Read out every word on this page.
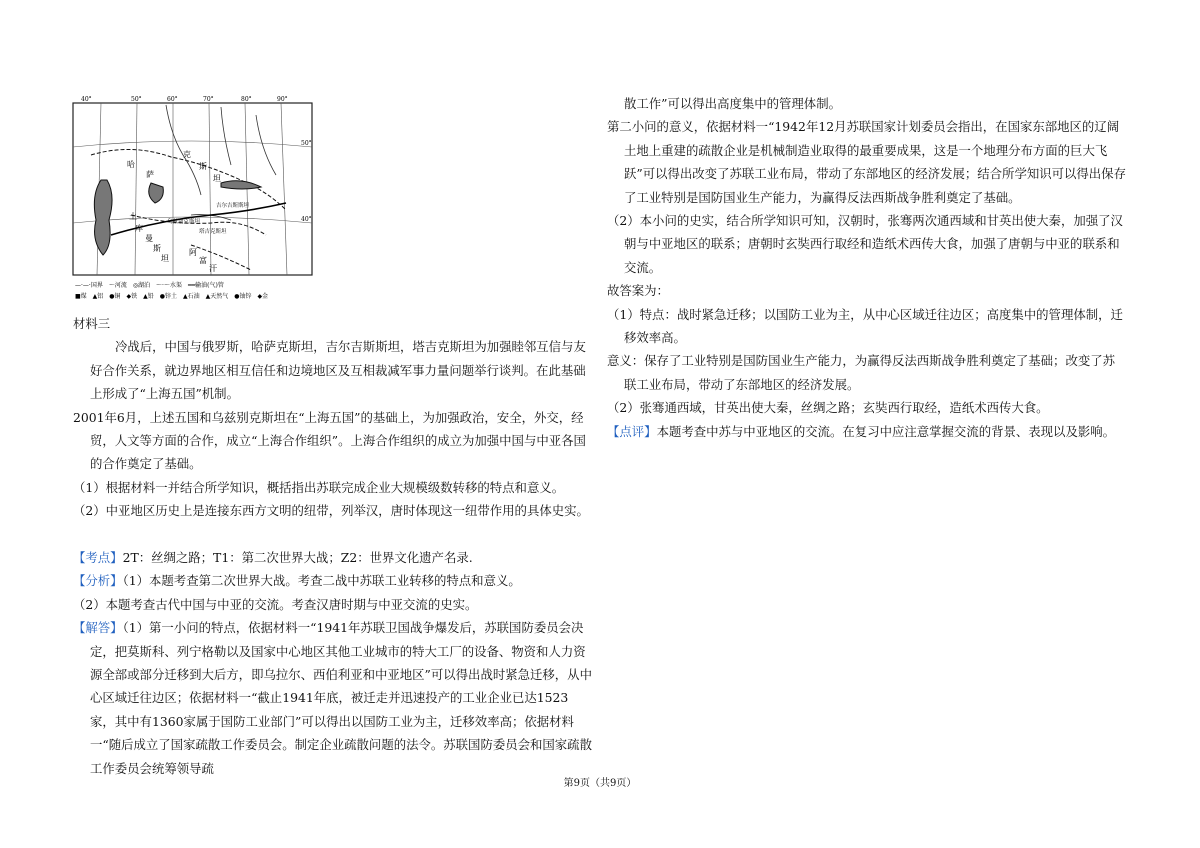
40°	50°	60°	70°	80°	90°
50°
40°
哈
萨
克
斯
坦
吉尔吉斯斯坦
塔吉克斯坦
乌兹别克斯坦
土
库
曼
斯
坦
阿
富
汗
—·—·国界　～河流　◎湖泊　～·～水渠　━━输油(气)管
■煤　▲铝　●铜　◆铁　▲铅　●锌土　▲石油　▲天然气　●铀锌　◆金

材料三

冷战后，中国与俄罗斯，哈萨克斯坦，吉尔吉斯斯坦，塔吉克斯坦为加强睦邻互信与友好合作关系，就边界地区相互信任和边境地区及互相裁减军事力量问题举行谈判。在此基础上形成了“上海五国”机制。

2001年6月，上述五国和乌兹别克斯坦在“上海五国”的基础上，为加强政治，安全，外交，经贸，人文等方面的合作，成立“上海合作组织”。上海合作组织的成立为加强中国与中亚各国的合作奠定了基础。

（1）根据材料一并结合所学知识，概括指出苏联完成企业大规模级数转移的特点和意义。

（2）中亚地区历史上是连接东西方文明的纽带，列举汉，唐时体现这一纽带作用的具体史实。

【考点】2T：丝绸之路；T1：第二次世界大战；Z2：世界文化遗产名录.

【分析】（1）本题考查第二次世界大战。考查二战中苏联工业转移的特点和意义。

（2）本题考查古代中国与中亚的交流。考查汉唐时期与中亚交流的史实。

【解答】（1）第一小问的特点，依据材料一“1941年苏联卫国战争爆发后，苏联国防委员会决定，把莫斯科、列宁格勒以及国家中心地区其他工业城市的特大工厂的设备、物资和人力资源全部或部分迁移到大后方，即乌拉尔、西伯利亚和中亚地区”可以得出战时紧急迁移，从中心区域迁往边区；依据材料一“截止1941年底，被迁走并迅速投产的工业企业已达1523家，其中有1360家属于国防工业部门”可以得出以国防工业为主，迁移效率高；依据材料一“随后成立了国家疏散工作委员会。制定企业疏散问题的法令。苏联国防委员会和国家疏散工作委员会统筹领导疏

散工作”可以得出高度集中的管理体制。

第二小问的意义，依据材料一“1942年12月苏联国家计划委员会指出，在国家东部地区的辽阔土地上重建的疏散企业是机械制造业取得的最重要成果，这是一个地理分布方面的巨大飞跃”可以得出改变了苏联工业布局，带动了东部地区的经济发展；结合所学知识可以得出保存了工业特别是国防国业生产能力，为赢得反法西斯战争胜利奠定了基础。

（2）本小问的史实，结合所学知识可知，汉朝时，张骞两次通西域和甘英出使大秦，加强了汉朝与中亚地区的联系；唐朝时玄奘西行取经和造纸术西传大食，加强了唐朝与中亚的联系和交流。

故答案为：

（1）特点：战时紧急迁移；以国防工业为主，从中心区域迁往边区；高度集中的管理体制，迁移效率高。

意义：保存了工业特别是国防国业生产能力，为赢得反法西斯战争胜利奠定了基础；改变了苏联工业布局，带动了东部地区的经济发展。

（2）张骞通西域，甘英出使大秦，丝绸之路；玄奘西行取经，造纸术西传大食。

【点评】本题考查中苏与中亚地区的交流。在复习中应注意掌握交流的背景、表现以及影响。

第9页（共9页）
